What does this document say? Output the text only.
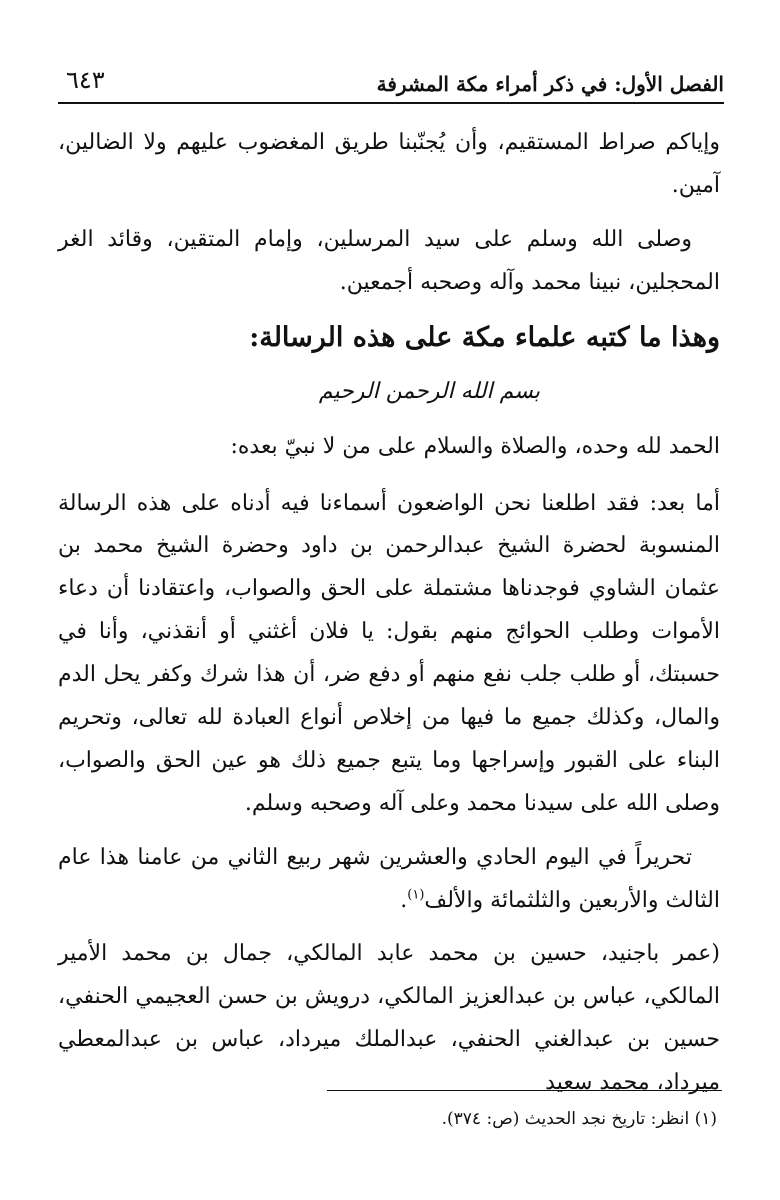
الفصل الأول: في ذكر أمراء مكة المشرفة
٦٤٣

وإياكم صراط المستقيم، وأن يُجنّبنا طريق المغضوب عليهم ولا الضالين، آمين.

وصلى الله وسلم على سيد المرسلين، وإمام المتقين، وقائد الغر المحجلين، نبينا محمد وآله وصحبه أجمعين.

وهذا ما كتبه علماء مكة على هذه الرسالة:
بسم الله الرحمن الرحيم

الحمد لله وحده، والصلاة والسلام على من لا نبيّ بعده:

أما بعد: فقد اطلعنا نحن الواضعون أسماءنا فيه أدناه على هذه الرسالة المنسوبة لحضرة الشيخ عبدالرحمن بن داود وحضرة الشيخ محمد بن عثمان الشاوي فوجدناها مشتملة على الحق والصواب، واعتقادنا أن دعاء الأموات وطلب الحوائج منهم بقول: يا فلان أغثني أو أنقذني، وأنا في حسبتك، أو طلب جلب نفع منهم أو دفع ضر، أن هذا شرك وكفر يحل الدم والمال، وكذلك جميع ما فيها من إخلاص أنواع العبادة لله تعالى، وتحريم البناء على القبور وإسراجها وما يتبع جميع ذلك هو عين الحق والصواب، وصلى الله على سيدنا محمد وعلى آله وصحبه وسلم.

تحريراً في اليوم الحادي والعشرين شهر ربيع الثاني من عامنا هذا عام الثالث والأربعين والثلثمائة والألف$^{(١)}$.

(عمر باجنيد، حسين بن محمد عابد المالكي، جمال بن محمد الأمير المالكي، عباس بن عبدالعزيز المالكي، درويش بن حسن العجيمي الحنفي، حسين بن عبدالغني الحنفي، عبدالملك ميرداد، عباس بن عبدالمعطي ميرداد، محمد سعيد

(١) انظر: تاريخ نجد الحديث (ص: ٣٧٤).
